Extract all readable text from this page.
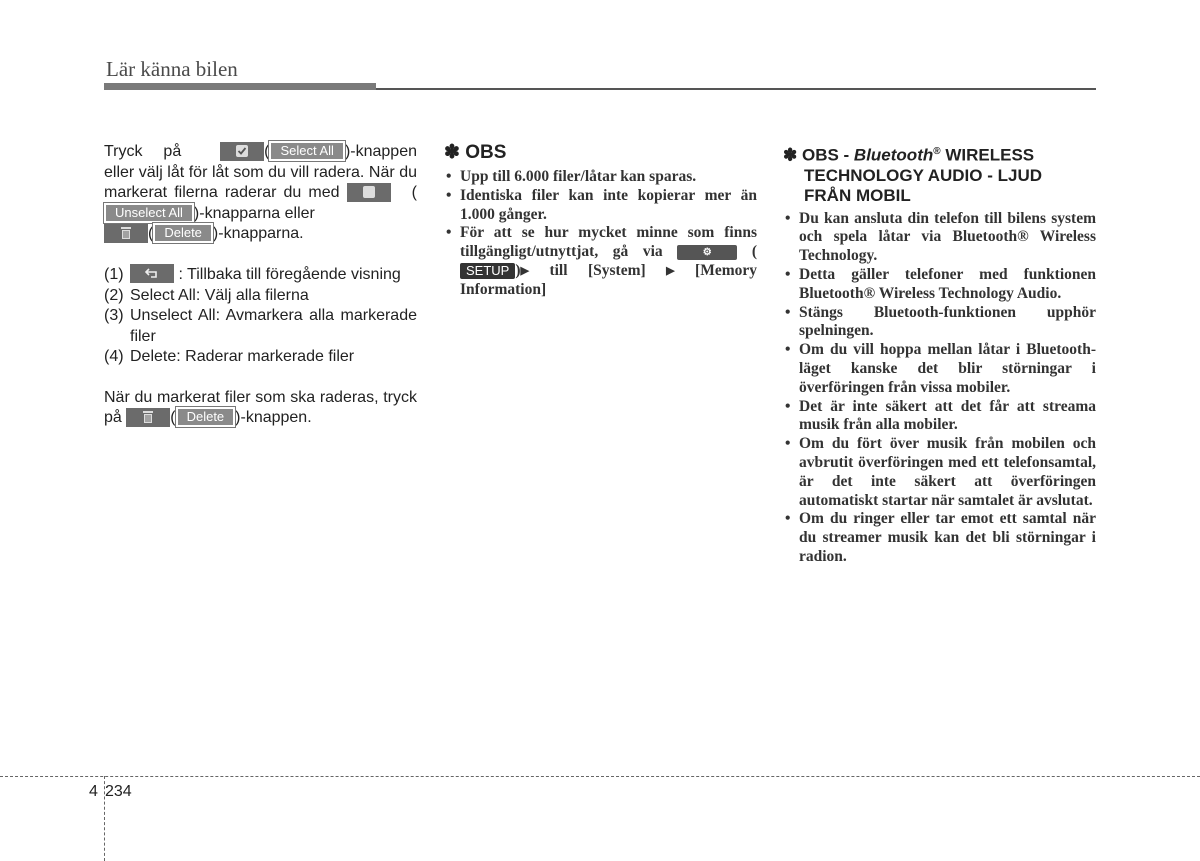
Lär känna bilen

Tryck på	( Select All )-knappen eller välj låt för låt som du vill radera. När du markerat filerna raderar du med	( Unselect All )-knapparna eller

( Delete )-knapparna.

(1)	: Tillbaka till föregående visning
(2) Select All: Välj alla filerna
(3) Unselect All: Avmarkera alla markerade filer
(4) Delete: Raderar markerade filer

När du markerat filer som ska raderas, tryck på	( Delete )-knappen.

✽ OBS
• Upp till 6.000 filer/låtar kan sparas.
• Identiska filer kan inte kopierar mer än 1.000 gånger.
• För att se hur mycket minne som finns tillgängligt/utnyttjat, gå via	⚙ (SETUP )▶ till [System] ▶ [Memory Information]
✽ OBS - Bluetooth® WIRELESS
TECHNOLOGY AUDIO - LJUD
FRÅN MOBIL
• Du kan ansluta din telefon till bilens system och spela låtar via Bluetooth® Wireless Technology.
• Detta gäller telefoner med funktionen Bluetooth® Wireless Technology Audio.
• Stängs Bluetooth-funktionen upphör spelningen.
• Om du vill hoppa mellan låtar i Bluetooth-läget kanske det blir störningar i överföringen från vissa mobiler.
• Det är inte säkert att det får att streama musik från alla mobiler.
• Om du fört över musik från mobilen och avbrutit överföringen med ett telefonsamtal, är det inte säkert att överföringen automatiskt startar när samtalet är avslutat.
• Om du ringer eller tar emot ett samtal när du streamer musik kan det bli störningar i radion.
4 234
